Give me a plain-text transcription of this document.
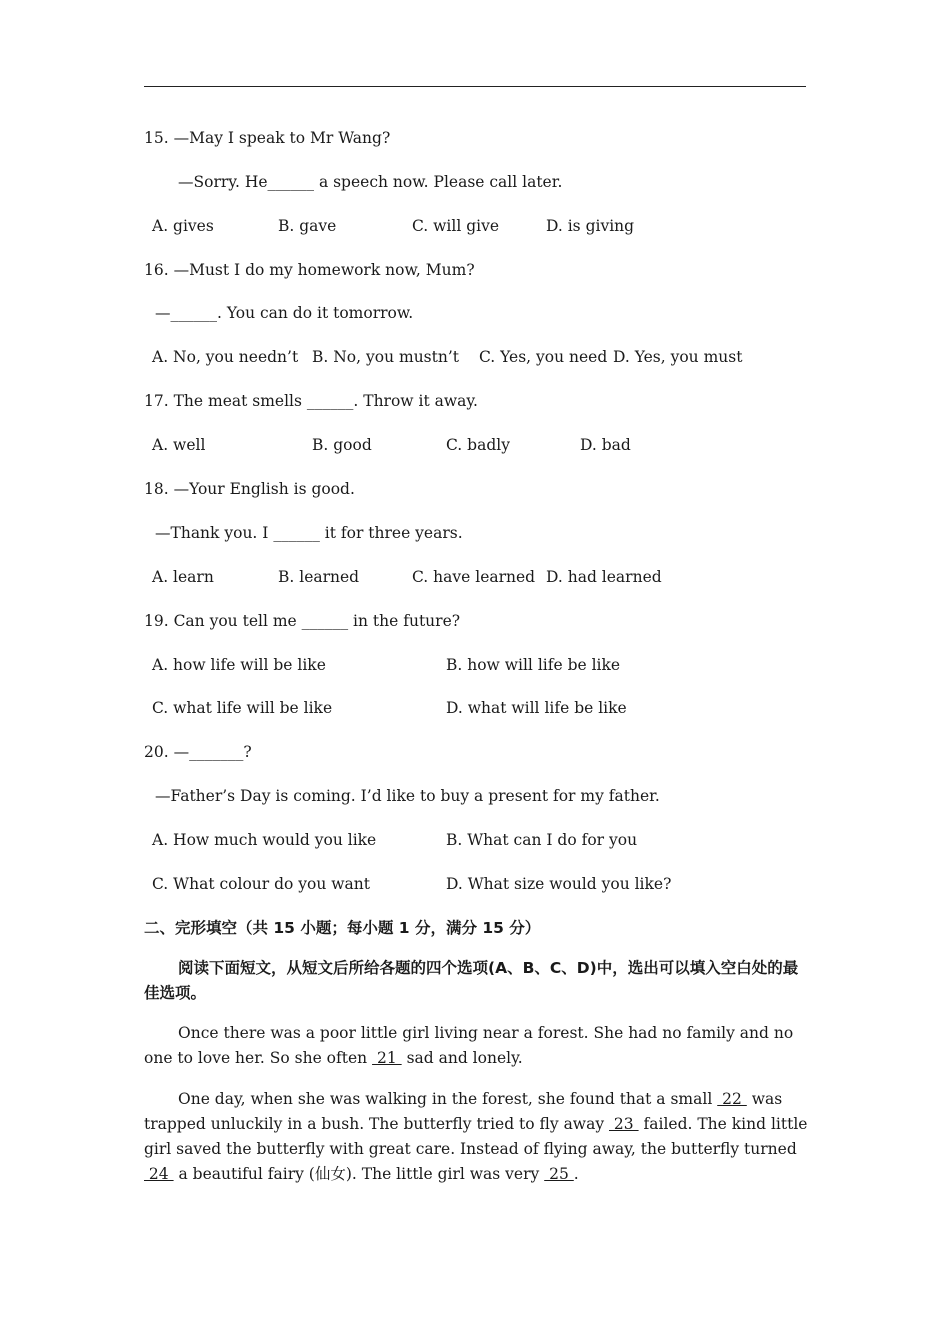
15. —May I speak to Mr Wang?
—Sorry. He______ a speech now. Please call later.
A. gives	B. gave	C. will give	D. is giving
16. —Must I do my homework now, Mum?
—______. You can do it tomorrow.
A. No, you needn’t B. No, you mustn’t C. Yes, you need D. Yes, you must
17. The meat smells ______. Throw it away.
A. well	B. good	C. badly	D. bad
18. —Your English is good.
—Thank you. I ______ it for three years.
A. learn	B. learned	C. have learned D. had learned
19. Can you tell me ______ in the future?
A. how life will be like	B. how will life be like
C. what life will be like	D. what will life be like
20. —_______?
—Father’s Day is coming. I’d like to buy a present for my father.
A. How much would you like	B. What can I do for you
C. What colour do you want	D. What size would you like?
二、完形填空（共 15 小题；每小题 1 分，满分 15 分）
阅读下面短文，从短文后所给各题的四个选项(A、B、C、D)中，选出可以填入空白处的最佳选项。
Once there was a poor little girl living near a forest. She had no family and no one to love her. So she often  21  sad and lonely.
One day, when she was walking in the forest, she found that a small  22  was trapped unluckily in a bush. The butterfly tried to fly away  23  failed. The kind little girl saved the butterfly with great care. Instead of flying away, the butterfly turned  24  a beautiful fairy (仙女). The little girl was very  25 .
